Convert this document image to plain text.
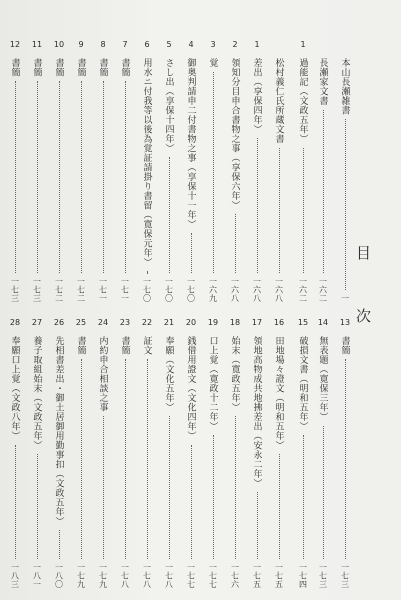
目
次
本山長瀬雑書
一
長瀬家文書
一六二
1
過能記（文政五年）
一六二
松村義仁氏所蔵文書
一六八
1
差出（享保四年）
一六八
2
領知分目申合書物之事（享保六年）
一六八
3
覚
一六九
4
御奥判請申二付書物之事（享保十一年）
一七〇
5
さし出（享保十四年）
一七〇
6
用水ニ付我等以後為覚証請掛り書留（寛保元年）
一七〇
7
書簡
一七一
8
書簡
一七一
9
書簡
一七二
10
書簡
一七二
11
書簡
一七三
12
書簡
一七三
13
書簡
一七三
14
無表題（寛保三年）
一七三
15
破損文書（明和五年）
一七四
16
田地場々證文（明和五年）
一七五
17
領地高物成共地拂差出（安永二年）
一七五
18
始末（寛政五年）
一七六
19
口上覚（寛政十二年）
一七七
20
銭借用證文（文化四年）
一七七
21
奉願（文化五年）
一七八
22
証文
一七八
23
書簡
一七八
24
内約申合相談之事
一七九
25
書簡
一七九
26
先相書差出・御土居御用勤事扣（文政五年）
一八〇
27
養子取組始末（文政五年）
一八一
28
奉願口上覚（文政八年）
一八三
